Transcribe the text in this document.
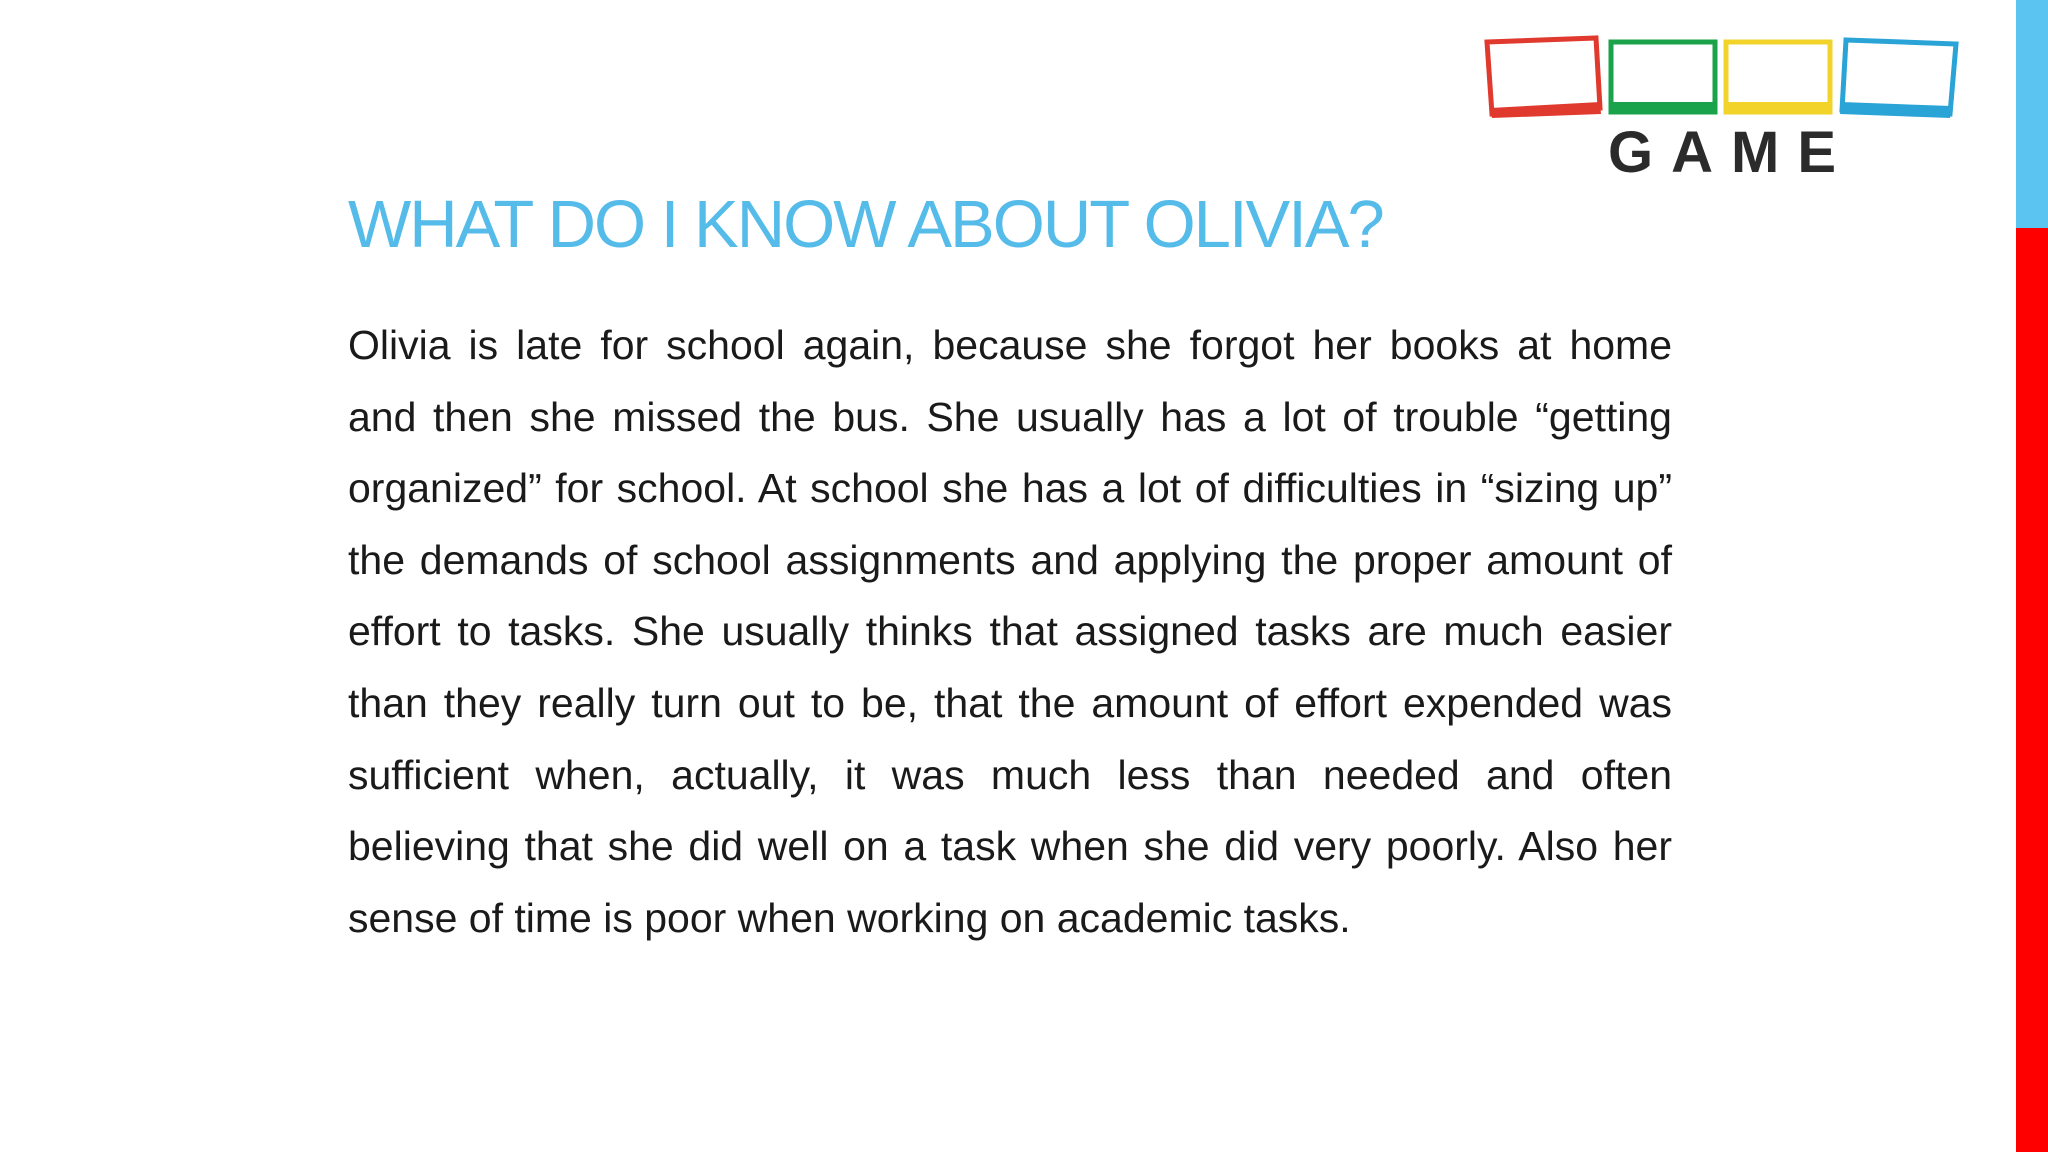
GAME
WHAT DO I KNOW ABOUT OLIVIA?

Olivia is late for school again, because she forgot her books at home and then she missed the bus. She usually has a lot of trouble “getting organized” for school. At school she has a lot of difficulties in “sizing up” the demands of school assignments and applying the proper amount of effort to tasks. She usually thinks that assigned tasks are much easier than they really turn out to be, that the amount of effort expended was sufficient when, actually, it was much less than needed and often believing that she did well on a task when she did very poorly. Also her sense of time is poor when working on academic tasks.
